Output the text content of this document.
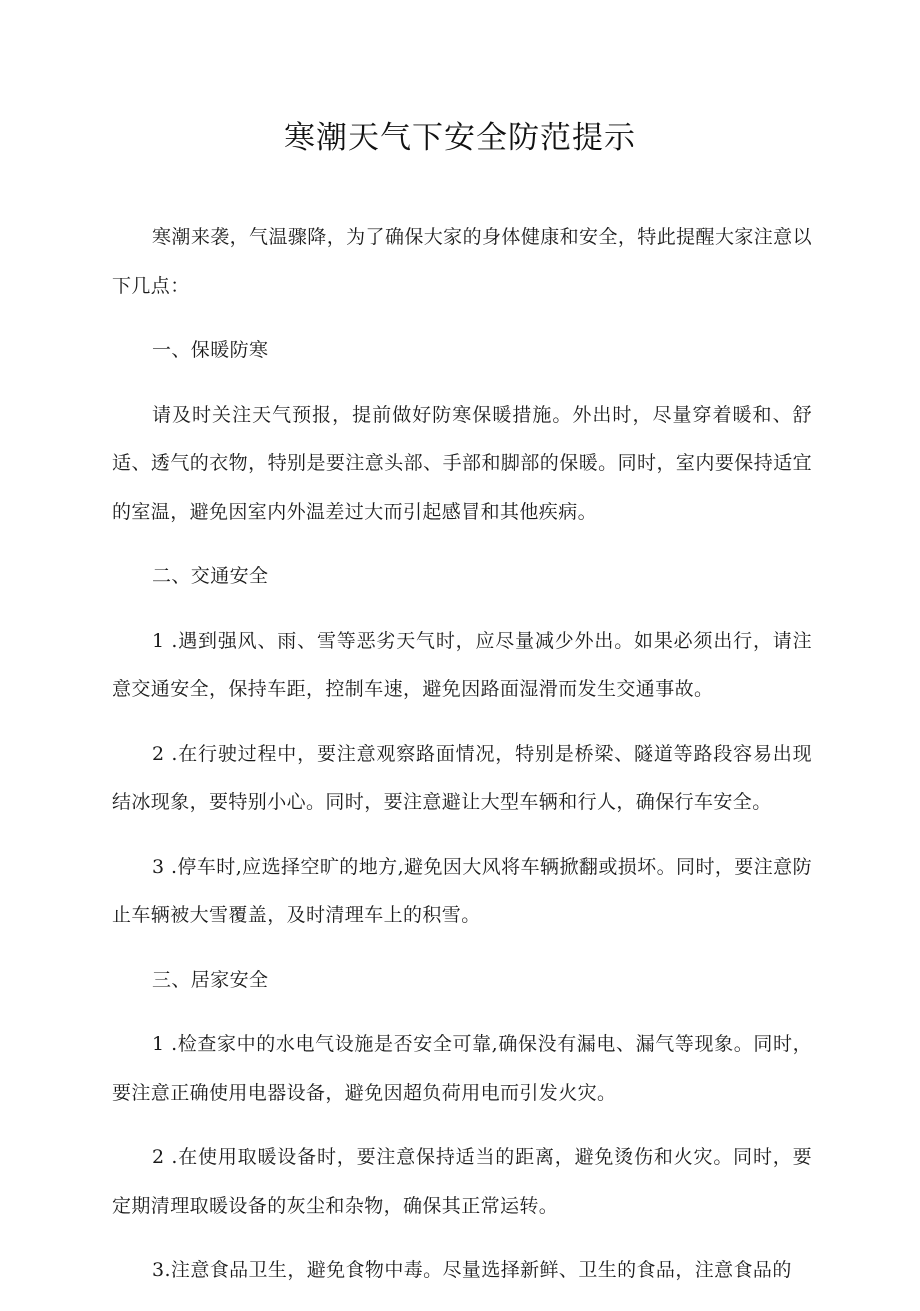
寒潮天气下安全防范提示

寒潮来袭，气温骤降，为了确保大家的身体健康和安全，特此提醒大家注意以下几点：

一、保暖防寒

请及时关注天气预报，提前做好防寒保暖措施。外出时，尽量穿着暖和、舒适、透气的衣物，特别是要注意头部、手部和脚部的保暖。同时，室内要保持适宜的室温，避免因室内外温差过大而引起感冒和其他疾病。

二、交通安全

1 .遇到强风、雨、雪等恶劣天气时，应尽量减少外出。如果必须出行，请注意交通安全，保持车距，控制车速，避免因路面湿滑而发生交通事故。

2 .在行驶过程中，要注意观察路面情况，特别是桥梁、隧道等路段容易出现结冰现象，要特别小心。同时，要注意避让大型车辆和行人，确保行车安全。

3 .停车时,应选择空旷的地方,避免因大风将车辆掀翻或损坏。同时，要注意防止车辆被大雪覆盖，及时清理车上的积雪。

三、居家安全

1 .检查家中的水电气设施是否安全可靠,确保没有漏电、漏气等现象。同时，要注意正确使用电器设备，避免因超负荷用电而引发火灾。

2 .在使用取暖设备时，要注意保持适当的距离，避免烫伤和火灾。同时，要定期清理取暖设备的灰尘和杂物，确保其正常运转。

3.注意食品卫生，避免食物中毒。尽量选择新鲜、卫生的食品，注意食品的
